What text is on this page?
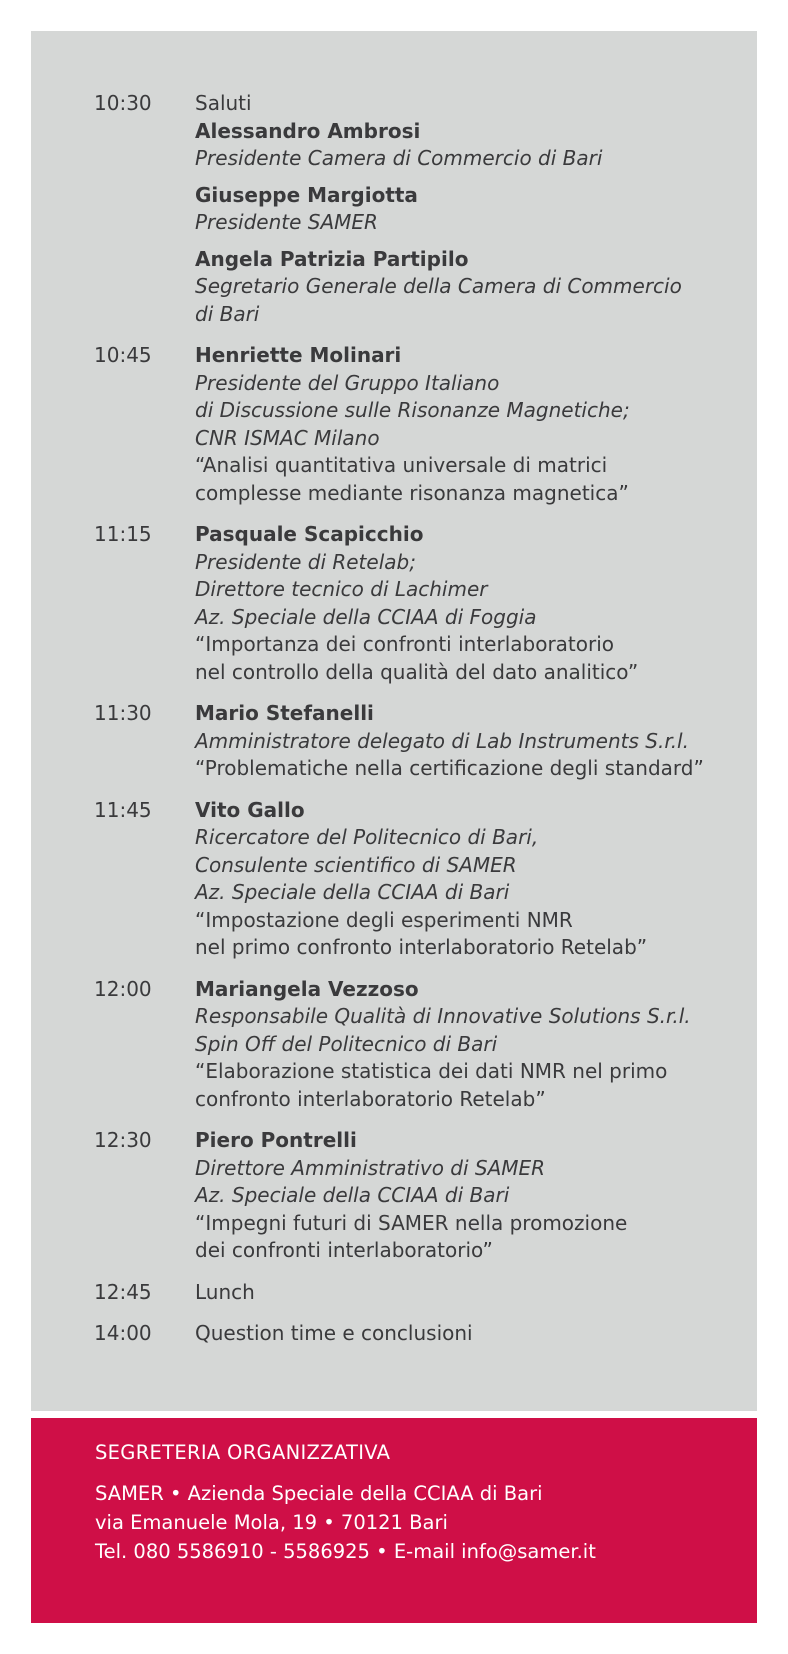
10:30	Saluti
Alessandro Ambrosi
Presidente Camera di Commercio di Bari
Giuseppe Margiotta
Presidente SAMER
Angela Patrizia Partipilo
Segretario Generale della Camera di Commercio
di Bari
10:45	Henriette Molinari
Presidente del Gruppo Italiano
di Discussione sulle Risonanze Magnetiche;
CNR ISMAC Milano
“Analisi quantitativa universale di matrici
complesse mediante risonanza magnetica”
11:15	Pasquale Scapicchio
Presidente di Retelab;
Direttore tecnico di Lachimer
Az. Speciale della CCIAA di Foggia
“Importanza dei confronti interlaboratorio
nel controllo della qualità del dato analitico”
11:30	Mario Stefanelli
Amministratore delegato di Lab Instruments S.r.l.
“Problematiche nella certificazione degli standard”
11:45	Vito Gallo
Ricercatore del Politecnico di Bari,
Consulente scientifico di SAMER
Az. Speciale della CCIAA di Bari
“Impostazione degli esperimenti NMR
nel primo confronto interlaboratorio Retelab”
12:00	Mariangela Vezzoso
Responsabile Qualità di Innovative Solutions S.r.l.
Spin Off del Politecnico di Bari
“Elaborazione statistica dei dati NMR nel primo
confronto interlaboratorio Retelab”
12:30	Piero Pontrelli
Direttore Amministrativo di SAMER
Az. Speciale della CCIAA di Bari
“Impegni futuri di SAMER nella promozione
dei confronti interlaboratorio”
12:45	Lunch
14:00	Question time e conclusioni
SEGRETERIA ORGANIZZATIVA
SAMER • Azienda Speciale della CCIAA di Bari
via Emanuele Mola, 19 • 70121 Bari
Tel. 080 5586910 - 5586925 • E-mail info@samer.it
